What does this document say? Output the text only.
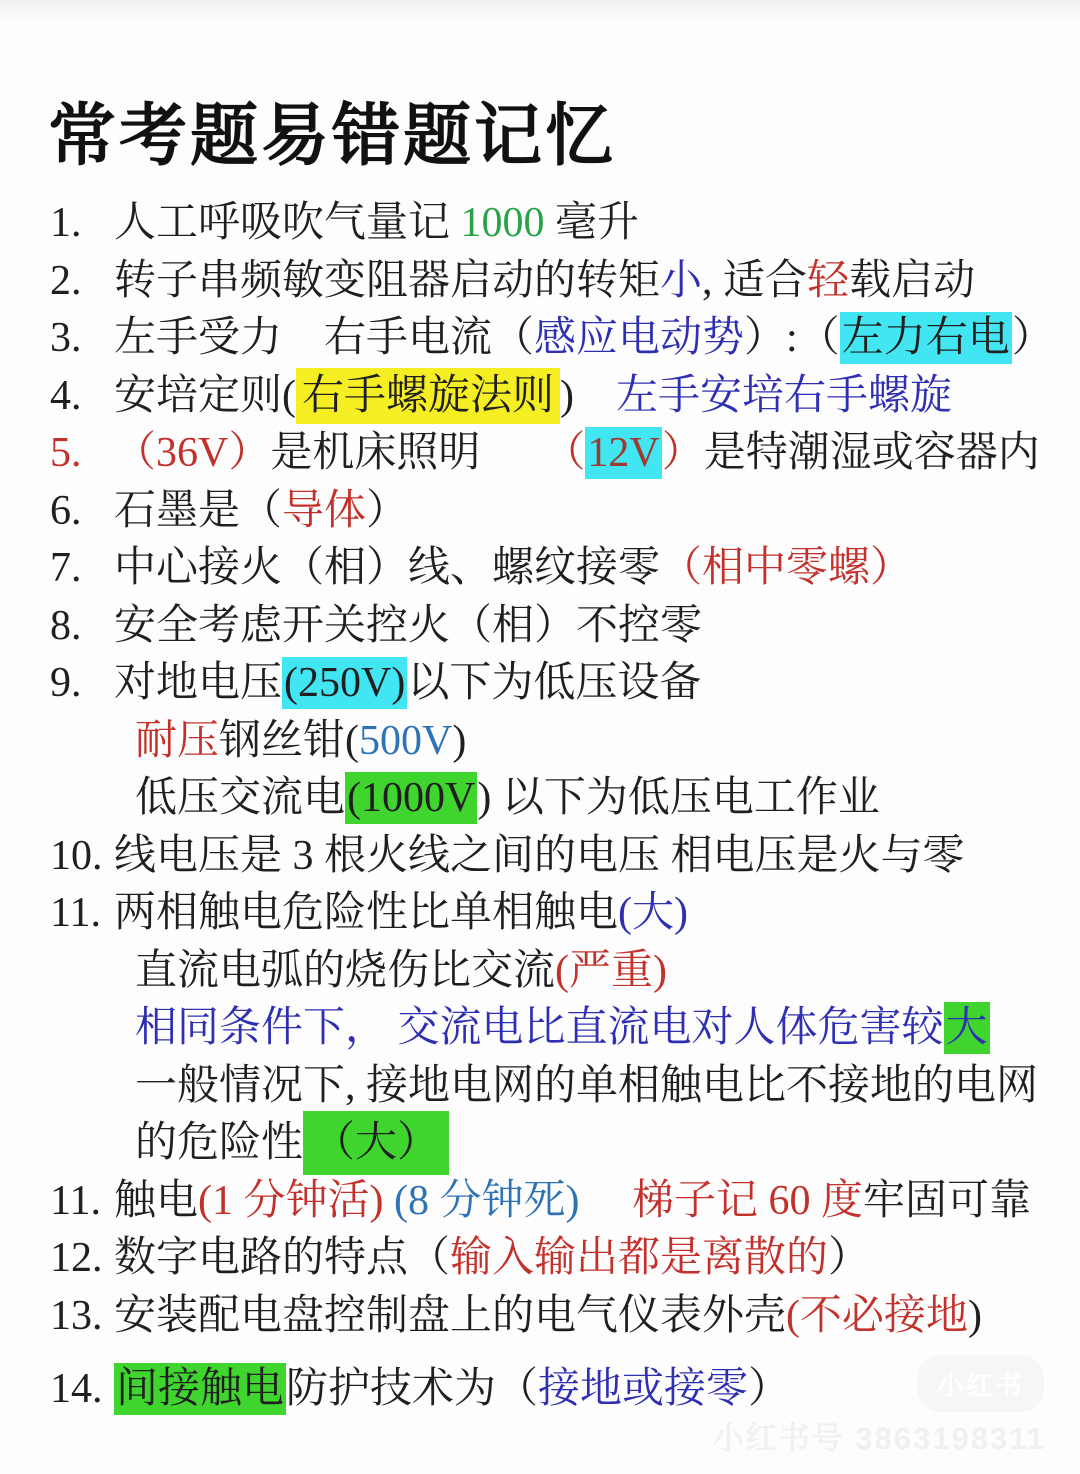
常考题易错题记忆
1. 人工呼吸吹气量记 1000 毫升
2. 转子串频敏变阻器启动的转矩小, 适合轻载启动
3. 左手受力　右手电流（感应电动势）:（左力右电）
4. 安培定则( 右手螺旋法则 )　左手安培右手螺旋
5. （36V）是机床照明　　（12V）是特潮湿或容器内
6. 石墨是（导体）
7. 中心接火（相）线、螺纹接零（相中零螺）
8. 安全考虑开关控火（相）不控零
9. 对地电压(250V)以下为低压设备
耐压钢丝钳(500V)
低压交流电(1000V) 以下为低压电工作业
10. 线电压是 3 根火线之间的电压 相电压是火与零
11. 两相触电危险性比单相触电(大)
直流电弧的烧伤比交流(严重)
相同条件下， 交流电比直流电对人体危害较大
一般情况下, 接地电网的单相触电比不接地的电网
的危险性 （大）
11. 触电(1 分钟活) (8 分钟死)　 梯子记 60 度牢固可靠
12. 数字电路的特点（输入输出都是离散的）
13. 安装配电盘控制盘上的电气仪表外壳(不必接地)
14. 间接触电防护技术为（接地或接零）	小红书
小红书号 3863198311
